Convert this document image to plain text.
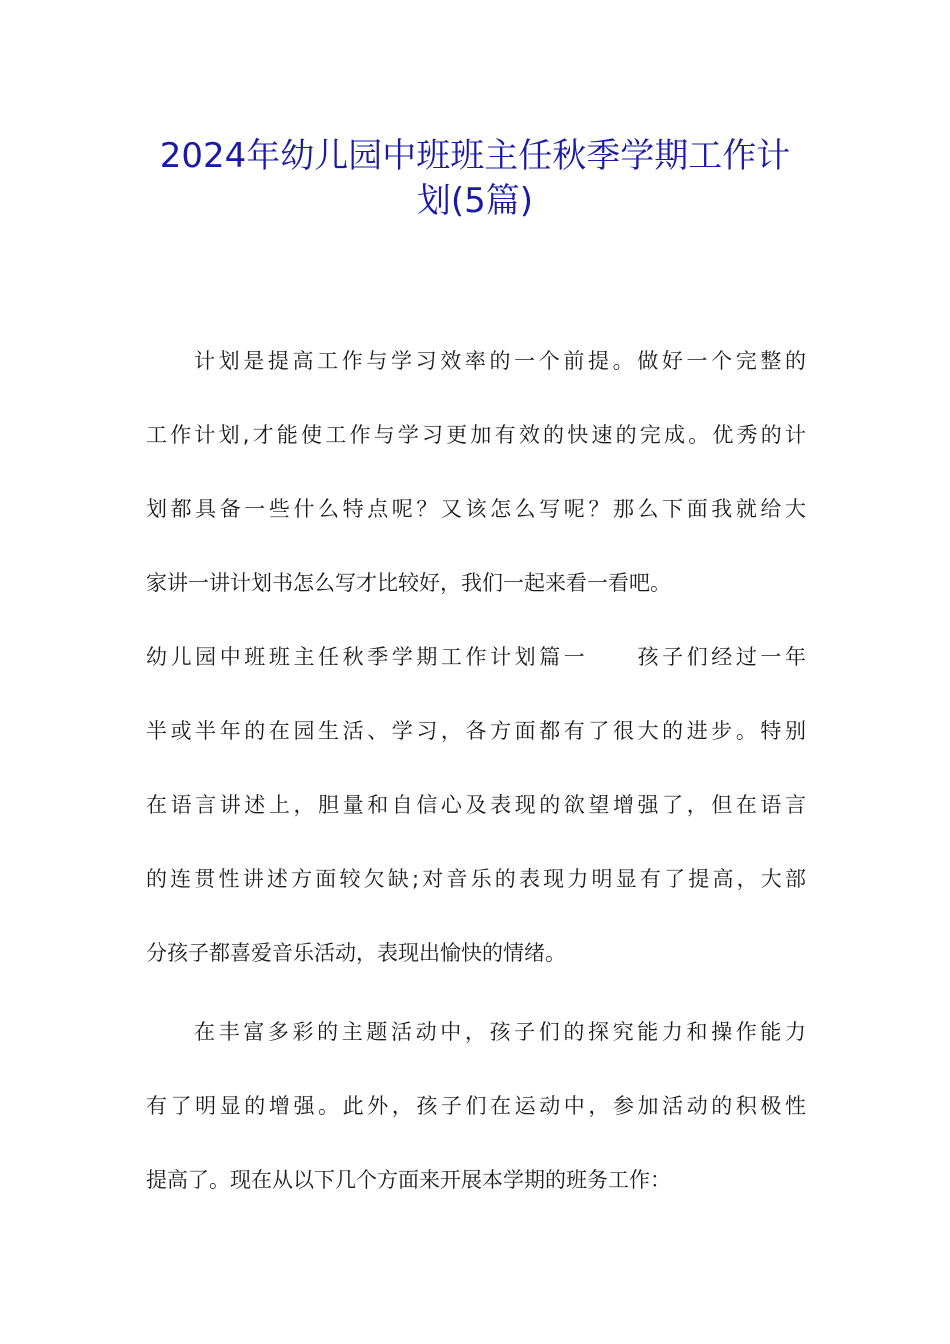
2024年幼儿园中班班主任秋季学期工作计
划(5篇)
计划是提高工作与学习效率的一个前提。做好一个完整的
工作计划,才能使工作与学习更加有效的快速的完成。优秀的计
划都具备一些什么特点呢？又该怎么写呢？那么下面我就给大
家讲一讲计划书怎么写才比较好，我们一起来看一看吧。
幼儿园中班班主任秋季学期工作计划篇一　　孩子们经过一年
半或半年的在园生活、学习，各方面都有了很大的进步。特别
在语言讲述上，胆量和自信心及表现的欲望增强了，但在语言
的连贯性讲述方面较欠缺;对音乐的表现力明显有了提高，大部
分孩子都喜爱音乐活动，表现出愉快的情绪。
在丰富多彩的主题活动中，孩子们的探究能力和操作能力
有了明显的增强。此外，孩子们在运动中，参加活动的积极性
提高了。现在从以下几个方面来开展本学期的班务工作：
